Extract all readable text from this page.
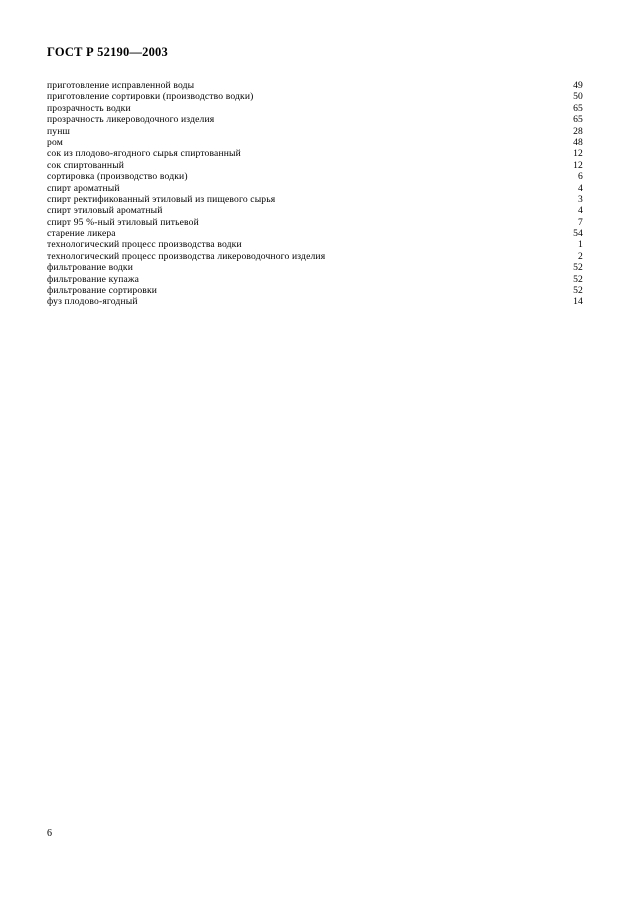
ГОСТ Р 52190—2003
приготовление исправленной воды	49
приготовление сортировки (производство водки)	50
прозрачность водки	65
прозрачность ликероводочного изделия	65
пунш	28
ром	48
сок из плодово-ягодного сырья спиртованный	12
сок спиртованный	12
сортировка (производство водки)	6
спирт ароматный	4
спирт ректификованный этиловый из пищевого сырья	3
спирт этиловый ароматный	4
спирт 95 %-ный этиловый питьевой	7
старение ликера	54
технологический процесс производства водки	1
технологический процесс производства ликероводочного изделия	2
фильтрование водки	52
фильтрование купажа	52
фильтрование сортировки	52
фуз плодово-ягодный	14
6
